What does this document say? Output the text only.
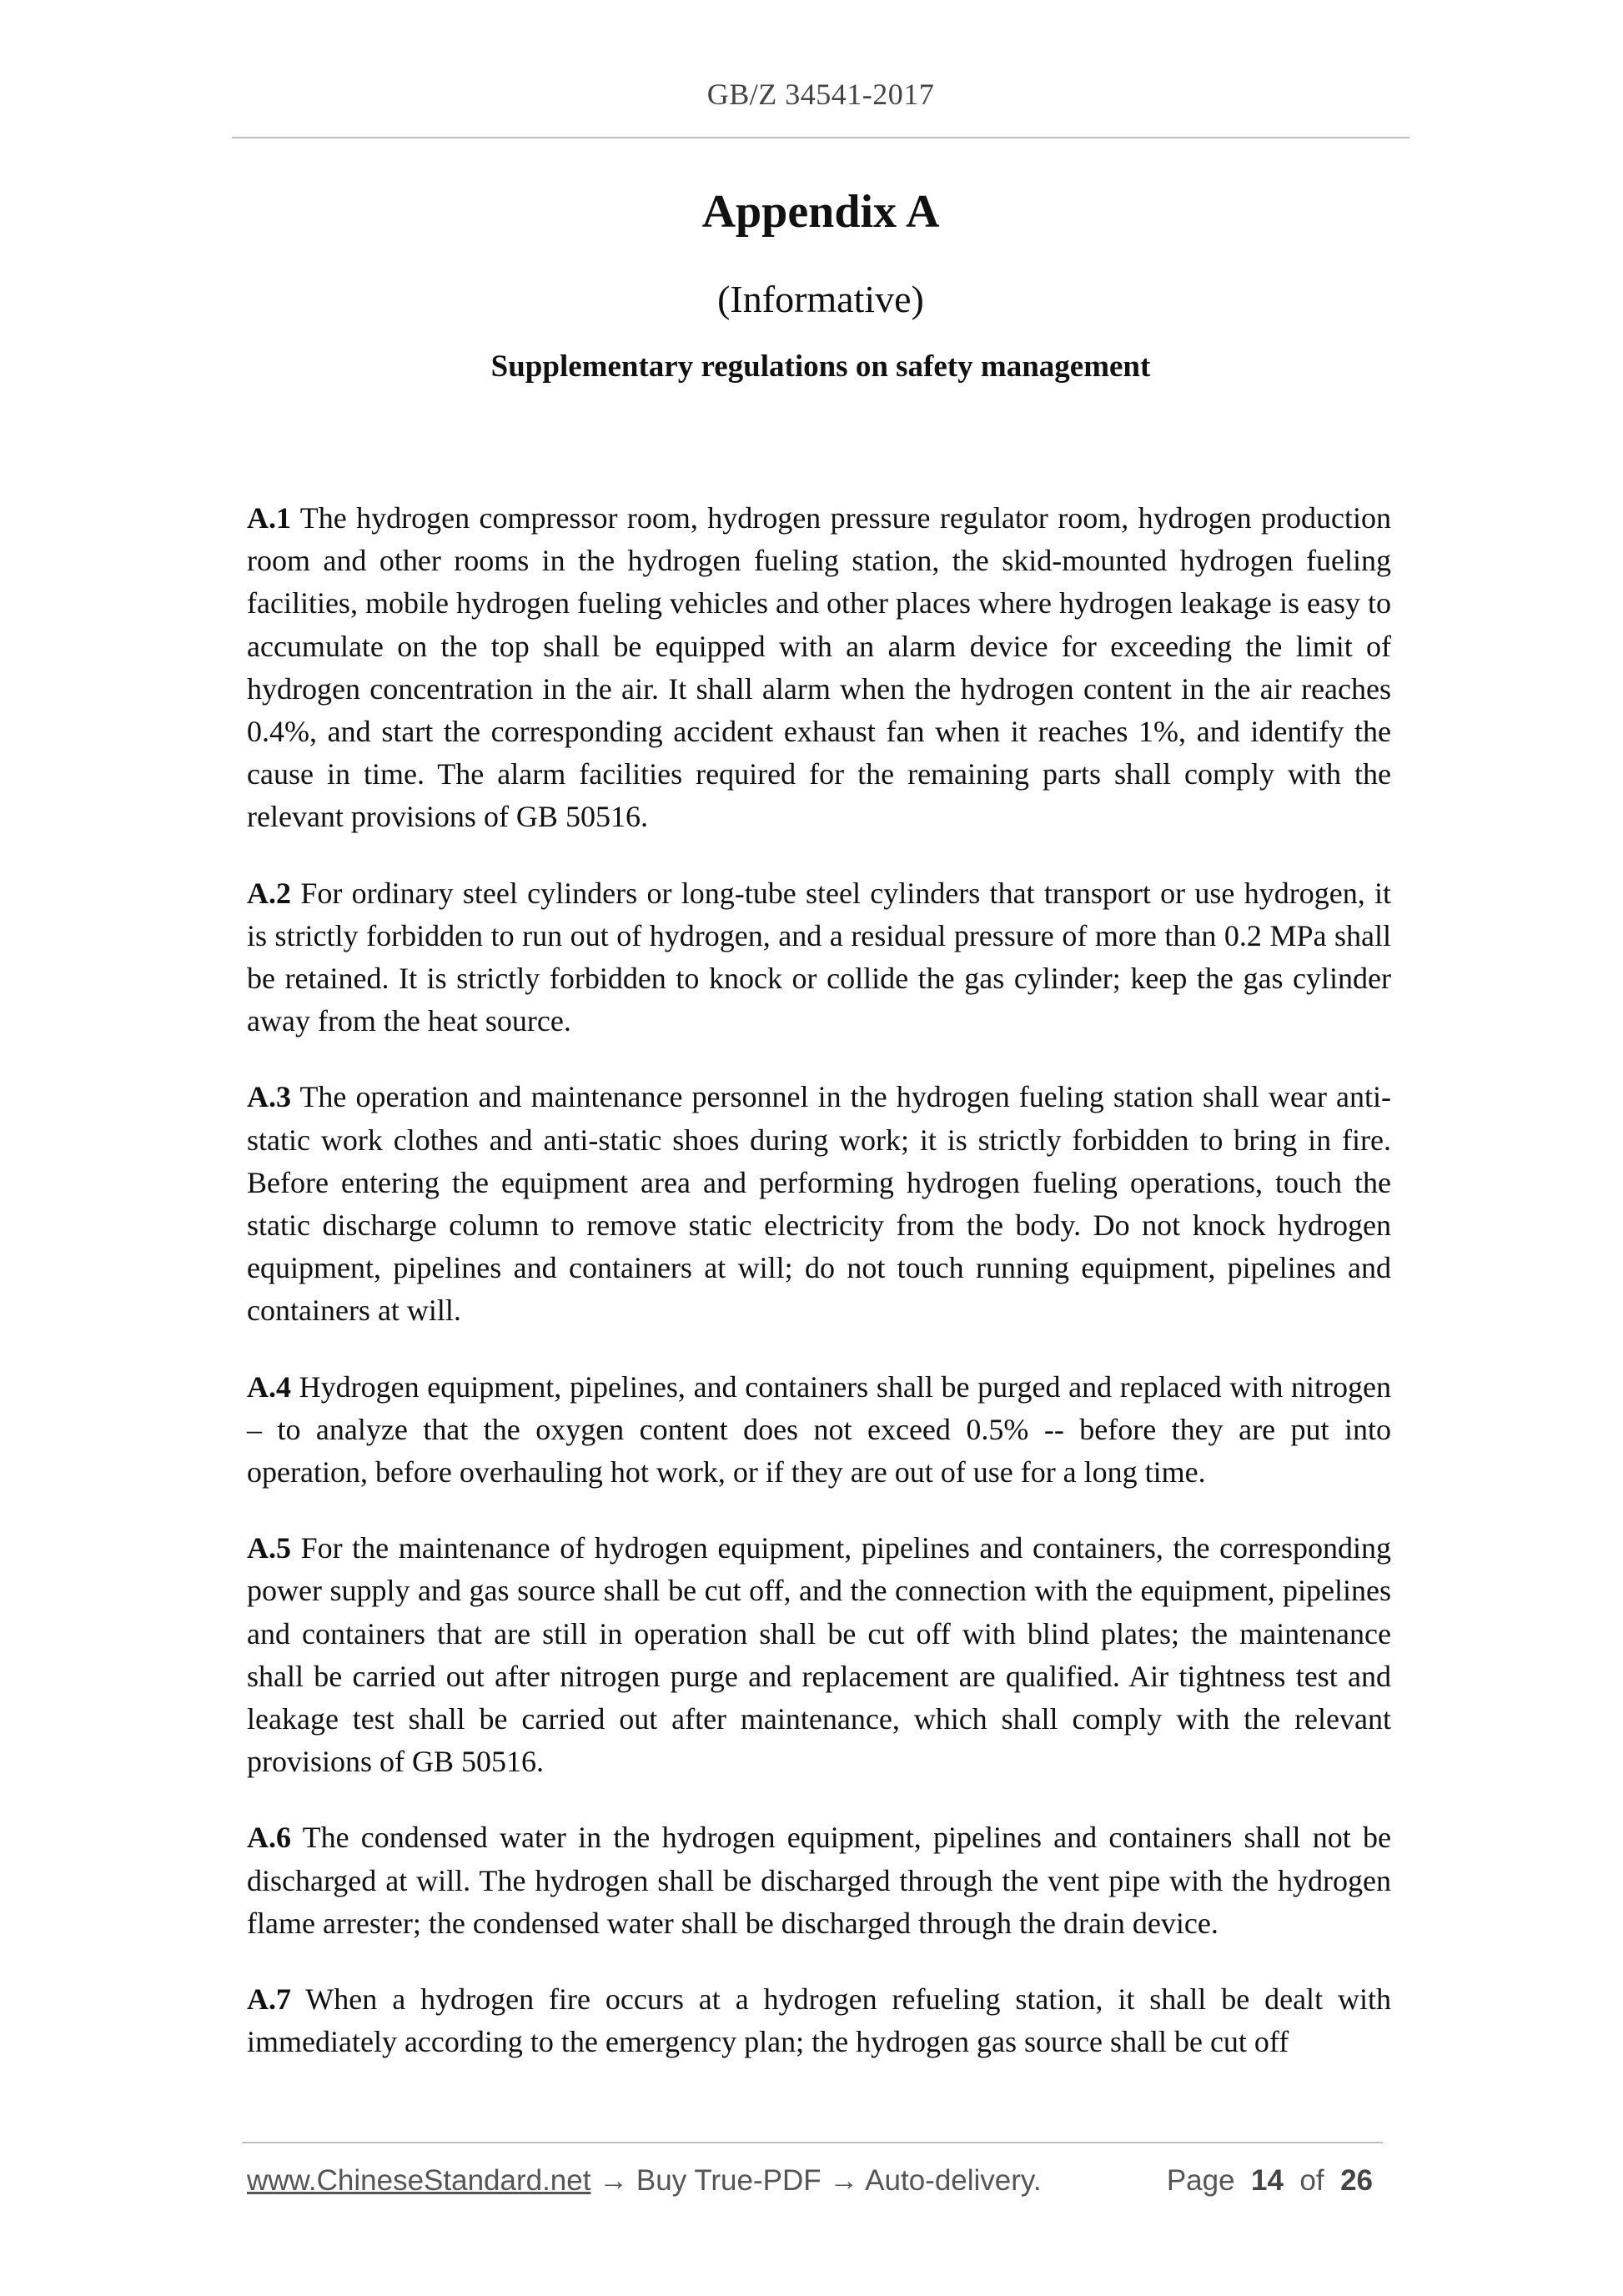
GB/Z 34541-2017
Appendix A
(Informative)
Supplementary regulations on safety management

A.1 The hydrogen compressor room, hydrogen pressure regulator room, hydrogen production room and other rooms in the hydrogen fueling station, the skid-mounted hydrogen fueling facilities, mobile hydrogen fueling vehicles and other places where hydrogen leakage is easy to accumulate on the top shall be equipped with an alarm device for exceeding the limit of hydrogen concentration in the air. It shall alarm when the hydrogen content in the air reaches 0.4%, and start the corresponding accident exhaust fan when it reaches 1%, and identify the cause in time. The alarm facilities required for the remaining parts shall comply with the relevant provisions of GB 50516.

A.2 For ordinary steel cylinders or long-tube steel cylinders that transport or use hydrogen, it is strictly forbidden to run out of hydrogen, and a residual pressure of more than 0.2 MPa shall be retained. It is strictly forbidden to knock or collide the gas cylinder; keep the gas cylinder away from the heat source.

A.3 The operation and maintenance personnel in the hydrogen fueling station shall wear anti-static work clothes and anti-static shoes during work; it is strictly forbidden to bring in fire. Before entering the equipment area and performing hydrogen fueling operations, touch the static discharge column to remove static electricity from the body. Do not knock hydrogen equipment, pipelines and containers at will; do not touch running equipment, pipelines and containers at will.

A.4 Hydrogen equipment, pipelines, and containers shall be purged and replaced with nitrogen – to analyze that the oxygen content does not exceed 0.5% -- before they are put into operation, before overhauling hot work, or if they are out of use for a long time.

A.5 For the maintenance of hydrogen equipment, pipelines and containers, the corresponding power supply and gas source shall be cut off, and the connection with the equipment, pipelines and containers that are still in operation shall be cut off with blind plates; the maintenance shall be carried out after nitrogen purge and replacement are qualified. Air tightness test and leakage test shall be carried out after maintenance, which shall comply with the relevant provisions of GB 50516.

A.6 The condensed water in the hydrogen equipment, pipelines and containers shall not be discharged at will. The hydrogen shall be discharged through the vent pipe with the hydrogen flame arrester; the condensed water shall be discharged through the drain device.

A.7 When a hydrogen fire occurs at a hydrogen refueling station, it shall be dealt with immediately according to the emergency plan; the hydrogen gas source shall be cut off

www.ChineseStandard.net → Buy True-PDF → Auto-delivery.	Page 14 of 26
